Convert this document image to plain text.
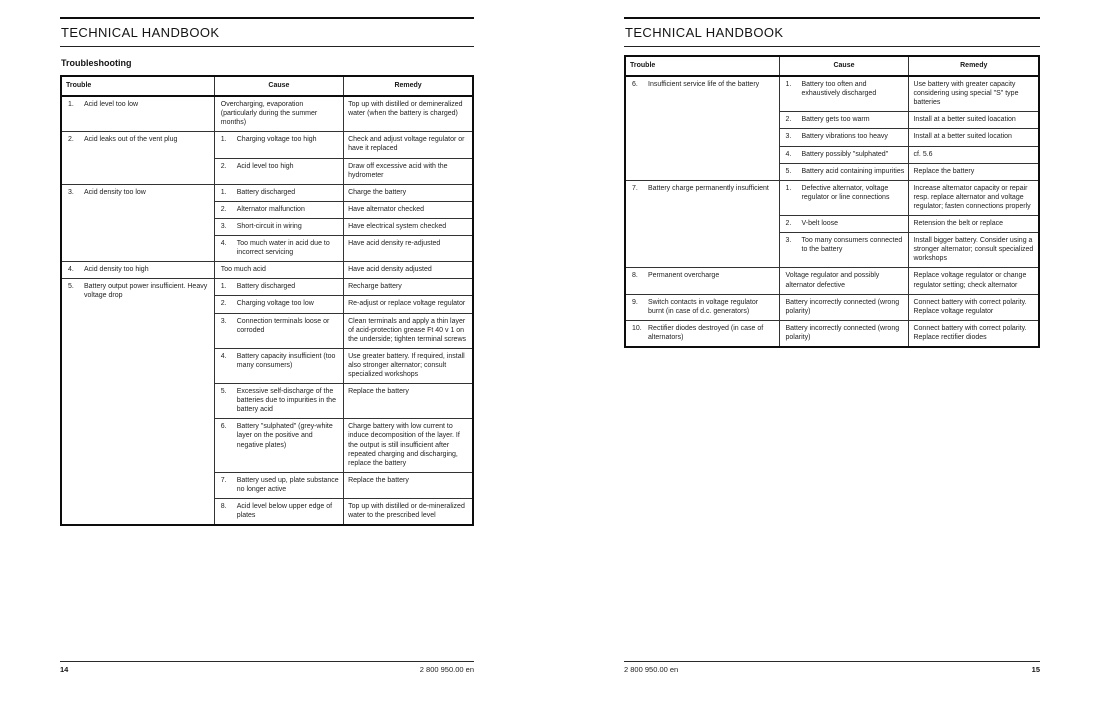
TECHNICAL HANDBOOK
Troubleshooting
Trouble	Cause	Remedy

1. Acid level too low	Overcharging, evaporation (particularly during the summer months)	Top up with distilled or demineralized water (when the battery is charged)

2. Acid leaks out of the vent plug	1. Charging voltage too high	Check and adjust voltage regulator or have it replaced

	2. Acid level too high	Draw off excessive acid with the hydrometer

3. Acid density too low	1. Battery discharged	Charge the battery

	2. Alternator malfunction	Have alternator checked

	3. Short-circuit in wiring	Have electrical system checked

	4. Too much water in acid due to incorrect servicing	Have acid density re-adjusted

4. Acid density too high	Too much acid	Have acid density adjusted

5. Battery output power insufficient. Heavy voltage drop	1. Battery discharged	Recharge battery

	2. Charging voltage too low	Re-adjust or replace voltage regulator

	3. Connection terminals loose or corroded	Clean terminals and apply a thin layer of acid-protection grease Ft 40 v 1 on the underside; tighten terminal screws

	4. Battery capacity insufficient (too many consumers)	Use greater battery. If required, install also stronger alternator; consult specialized workshops

	5. Excessive self-discharge of the batteries due to impurities in the battery acid	Replace the battery

	6. Battery "sulphated" (grey-white layer on the positive and negative plates)	Charge battery with low current to induce decomposition of the layer. If the output is still insufficient after repeated charging and discharging, replace the battery

	7. Battery used up, plate substance no longer active	Replace the battery

	8. Acid level below upper edge of plates	Top up with distilled or de-mineralized water to the prescribed level
14	2 800 950.00 en
TECHNICAL HANDBOOK
Trouble	Cause	Remedy

6. Insufficient service life of the battery	1. Battery too often and exhaustively discharged	Use battery with greater capacity considering using special "S" type batteries

	2. Battery gets too warm	Install at a better suited loacation

	3. Battery vibrations too heavy	Install at a better suited location

	4. Battery possibly "sulphated"	cf. 5.6

	5. Battery acid containing impurities	Replace the battery

7. Battery charge permanently insufficient	1. Defective alternator, voltage regulator or line connections	Increase alternator capacity or repair resp. replace alternator and voltage regulator; fasten connections properly

	2. V-belt loose	Retension the belt or replace

	3. Too many consumers connected to the battery	Install bigger battery. Consider using a stronger alternator; consult specialized workshops

8. Permanent overcharge	Voltage regulator and possibly alternator defective	Replace voltage regulator or change regulator setting; check alternator

9. Switch contacts in voltage regulator burnt (in case of d.c. generators)	Battery incorrectly connected (wrong polarity)	Connect battery with correct polarity. Replace voltage regulator

10. Rectifier diodes destroyed (in case of alternators)	Battery incorrectly connected (wrong polarity)	Connect battery with correct polarity. Replace rectifier diodes
2 800 950.00 en	15
